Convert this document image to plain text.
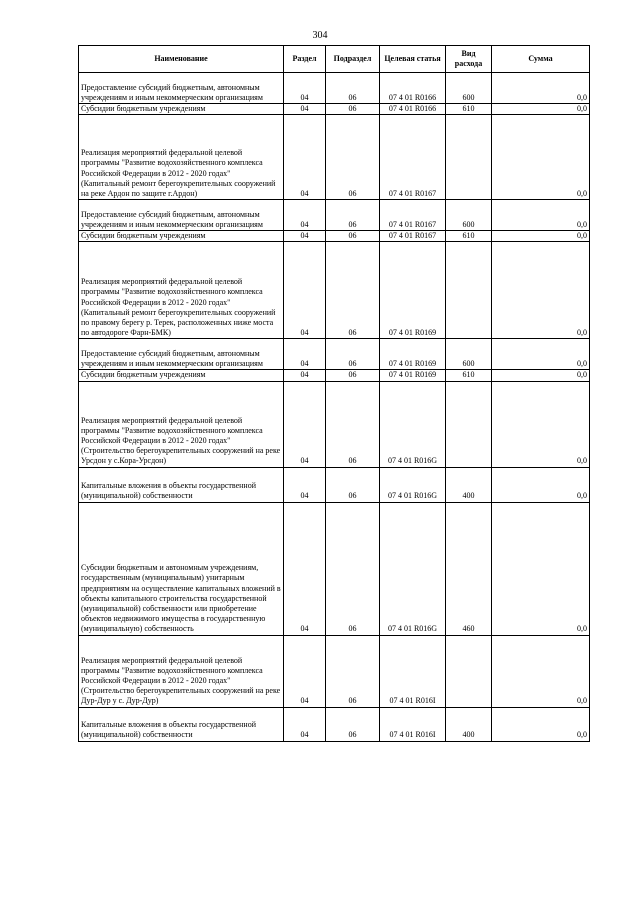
304
Наименование	Раздел	Подраздел	Целевая статья	Вид расхода	Сумма
Предоставление субсидий бюджетным, автономным учреждениям и иным некоммерческим организациям	04	06	07 4 01 R0166	600	0,0
Субсидии бюджетным учреждениям	04	06	07 4 01 R0166	610	0,0
Реализация мероприятий федеральной целевой программы "Развитие водохозяйственного комплекса Российской Федерации в 2012 - 2020 годах" (Капитальный ремонт берегоукрепительных сооружений на реке Ардон по защите г.Ардон)	04	06	07 4 01 R0167		0,0
Предоставление субсидий бюджетным, автономным учреждениям и иным некоммерческим организациям	04	06	07 4 01 R0167	600	0,0
Субсидии бюджетным учреждениям	04	06	07 4 01 R0167	610	0,0
Реализация мероприятий федеральной целевой программы "Развитие водохозяйственного комплекса Российской Федерации в 2012 - 2020 годах" (Капитальный ремонт берегоукрепительных сооружений по правому берегу р. Терек, расположенных ниже моста по автодороге Фарн-БМК)	04	06	07 4 01 R0169		0,0
Предоставление субсидий бюджетным, автономным учреждениям и иным некоммерческим организациям	04	06	07 4 01 R0169	600	0,0
Субсидии бюджетным учреждениям	04	06	07 4 01 R0169	610	0,0
Реализация мероприятий федеральной целевой программы "Развитие водохозяйственного комплекса Российской Федерации в 2012 - 2020 годах" (Строительство берегоукрепительных сооружений на реке Урсдон у с.Кора-Урсдон)	04	06	07 4 01 R016G		0,0
Капитальные вложения в объекты государственной (муниципальной) собственности	04	06	07 4 01 R016G	400	0,0
Субсидии бюджетным и автономным учреждениям, государственным (муниципальным) унитарным предприятиям на осуществление капитальных вложений в объекты капитального строительства государственной (муниципальной) собственности или приобретение объектов недвижимого имущества в государственную (муниципальную) собственность	04	06	07 4 01 R016G	460	0,0
Реализация мероприятий федеральной целевой программы "Развитие водохозяйственного комплекса Российской Федерации в 2012 - 2020 годах" (Строительство берегоукрепительных сооружений на реке Дур-Дур у с. Дур-Дур)	04	06	07 4 01 R016I		0,0
Капитальные вложения в объекты государственной (муниципальной) собственности	04	06	07 4 01 R016I	400	0,0
